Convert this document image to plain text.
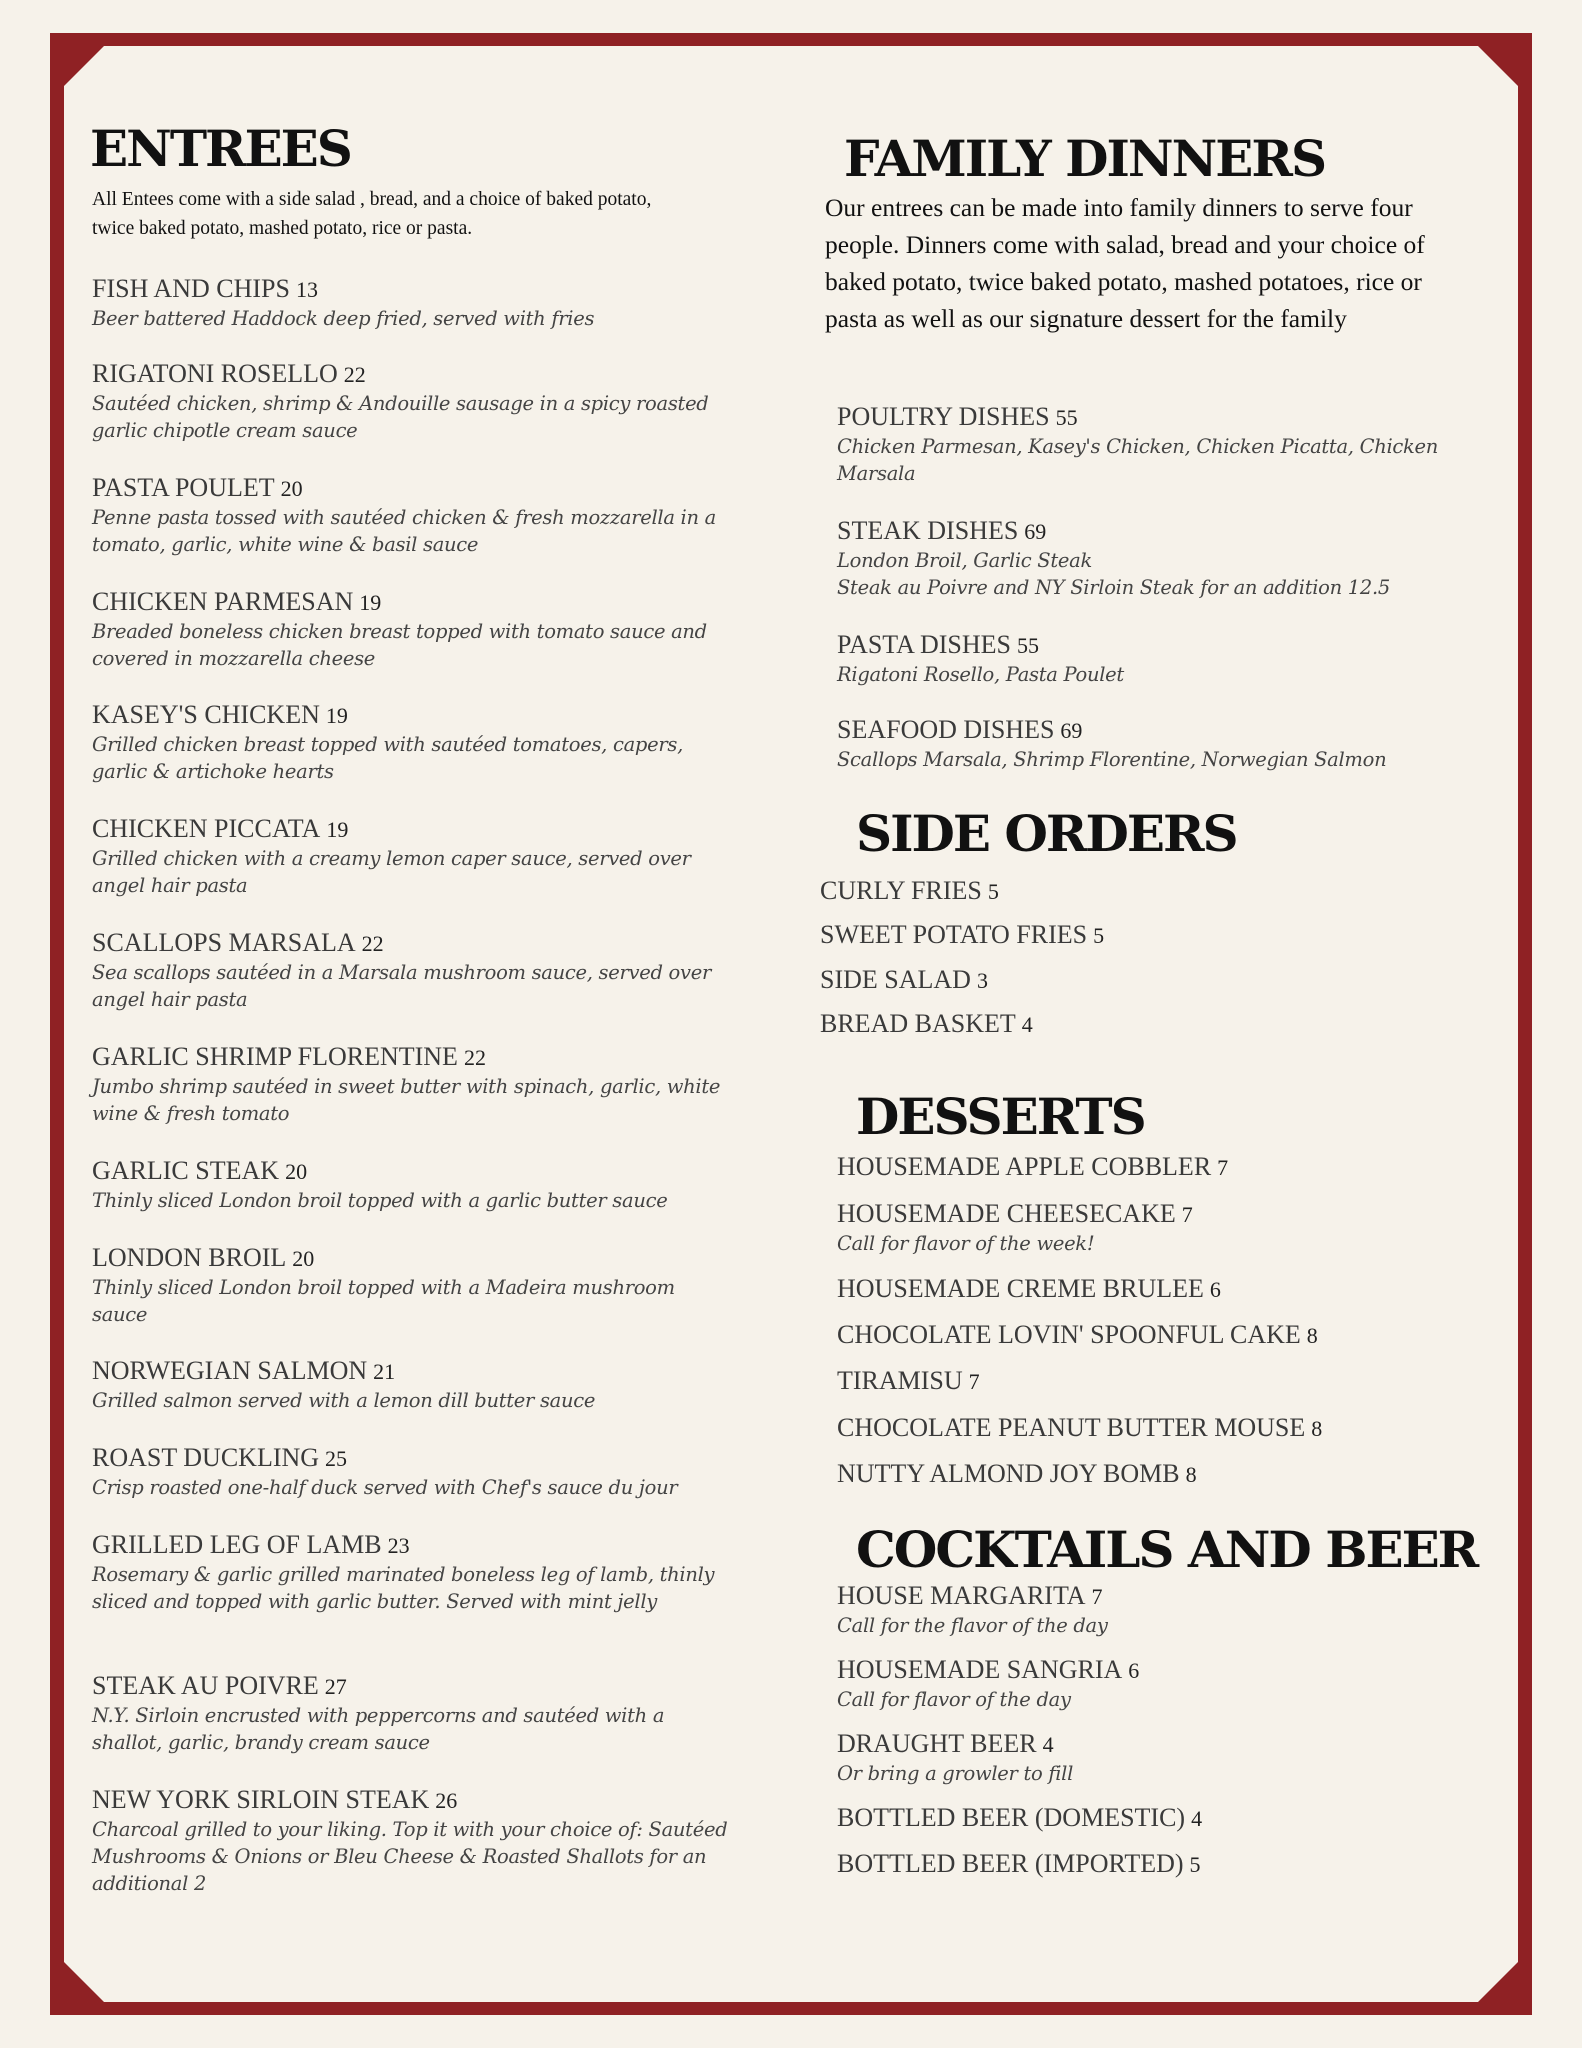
ENTREES
All Entees come with a side salad , bread, and a choice of baked potato, twice baked potato, mashed potato, rice or pasta.
FISH AND CHIPS 13
Beer battered Haddock deep fried, served with fries
RIGATONI ROSELLO 22
Sautéed chicken, shrimp & Andouille sausage in a spicy roasted garlic chipotle cream sauce
PASTA POULET 20
Penne pasta tossed with sautéed chicken & fresh mozzarella in a tomato, garlic, white wine & basil sauce
CHICKEN PARMESAN 19
Breaded boneless chicken breast topped with tomato sauce and covered in mozzarella cheese
KASEY'S CHICKEN 19
Grilled chicken breast topped with sautéed tomatoes, capers, garlic & artichoke hearts
CHICKEN PICCATA 19
Grilled chicken with a creamy lemon caper sauce, served over angel hair pasta
SCALLOPS MARSALA 22
Sea scallops sautéed in a Marsala mushroom sauce, served over angel hair pasta
GARLIC SHRIMP FLORENTINE 22
Jumbo shrimp sautéed in sweet butter with spinach, garlic, white wine & fresh tomato
GARLIC STEAK 20
Thinly sliced London broil topped with a garlic butter sauce
LONDON BROIL 20
Thinly sliced London broil topped with a Madeira mushroom sauce
NORWEGIAN SALMON 21
Grilled salmon served with a lemon dill butter sauce
ROAST DUCKLING 25
Crisp roasted one-half duck served with Chef's sauce du jour
GRILLED LEG OF LAMB 23
Rosemary & garlic grilled marinated boneless leg of lamb, thinly sliced and topped with garlic butter. Served with mint jelly
STEAK AU POIVRE 27
N.Y. Sirloin encrusted with peppercorns and sautéed with a shallot, garlic, brandy cream sauce
NEW YORK SIRLOIN STEAK 26
Charcoal grilled to your liking. Top it with your choice of: Sautéed Mushrooms & Onions or Bleu Cheese & Roasted Shallots for an additional 2
FAMILY DINNERS
Our entrees can be made into family dinners to serve four people. Dinners come with salad, bread and your choice of baked potato, twice baked potato, mashed potatoes, rice or pasta as well as our signature dessert for the family
POULTRY DISHES 55
Chicken Parmesan, Kasey's Chicken, Chicken Picatta, Chicken Marsala
STEAK DISHES 69
London Broil, Garlic Steak
Steak au Poivre and NY Sirloin Steak for an addition 12.5
PASTA DISHES 55
Rigatoni Rosello, Pasta Poulet
SEAFOOD DISHES 69
Scallops Marsala, Shrimp Florentine, Norwegian Salmon
SIDE ORDERS
CURLY FRIES 5
SWEET POTATO FRIES 5
SIDE SALAD 3
BREAD BASKET 4
DESSERTS
HOUSEMADE APPLE COBBLER 7
HOUSEMADE CHEESECAKE 7
Call for flavor of the week!
HOUSEMADE CREME BRULEE 6
CHOCOLATE LOVIN' SPOONFUL CAKE 8
TIRAMISU 7
CHOCOLATE PEANUT BUTTER MOUSE 8
NUTTY ALMOND JOY BOMB 8
COCKTAILS AND BEER
HOUSE MARGARITA 7
Call for the flavor of the day
HOUSEMADE SANGRIA 6
Call for flavor of the day
DRAUGHT BEER 4
Or bring a growler to fill
BOTTLED BEER (DOMESTIC) 4
BOTTLED BEER (IMPORTED) 5
